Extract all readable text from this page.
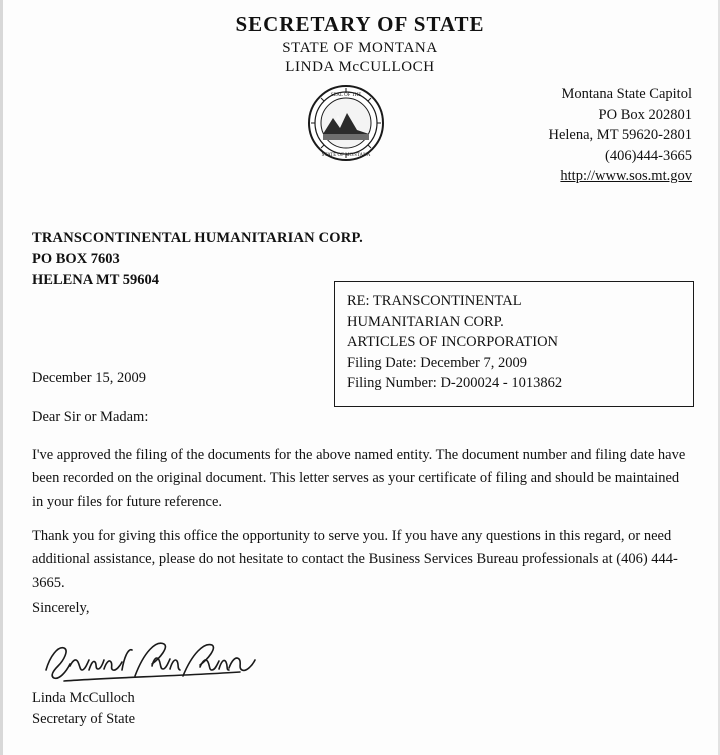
SECRETARY OF STATE
STATE OF MONTANA
LINDA McCULLOCH
SEAL OF THE
STATE OF MONTANA
Montana State Capitol
PO Box 202801
Helena, MT 59620-2801
(406)444-3665
http://www.sos.mt.gov
TRANSCONTINENTAL HUMANITARIAN CORP.
PO BOX 7603
HELENA MT 59604
RE: TRANSCONTINENTAL
HUMANITARIAN CORP.
ARTICLES OF INCORPORATION
Filing Date: December 7, 2009
Filing Number: D-200024 - 1013862
December 15, 2009
Dear Sir or Madam:
I've approved the filing of the documents for the above named entity. The document number and filing date have been recorded on the original document. This letter serves as your certificate of filing and should be maintained in your files for future reference.
Thank you for giving this office the opportunity to serve you. If you have any questions in this regard, or need additional assistance, please do not hesitate to contact the Business Services Bureau professionals at (406) 444-3665.
Sincerely,
Linda McCulloch
Secretary of State
